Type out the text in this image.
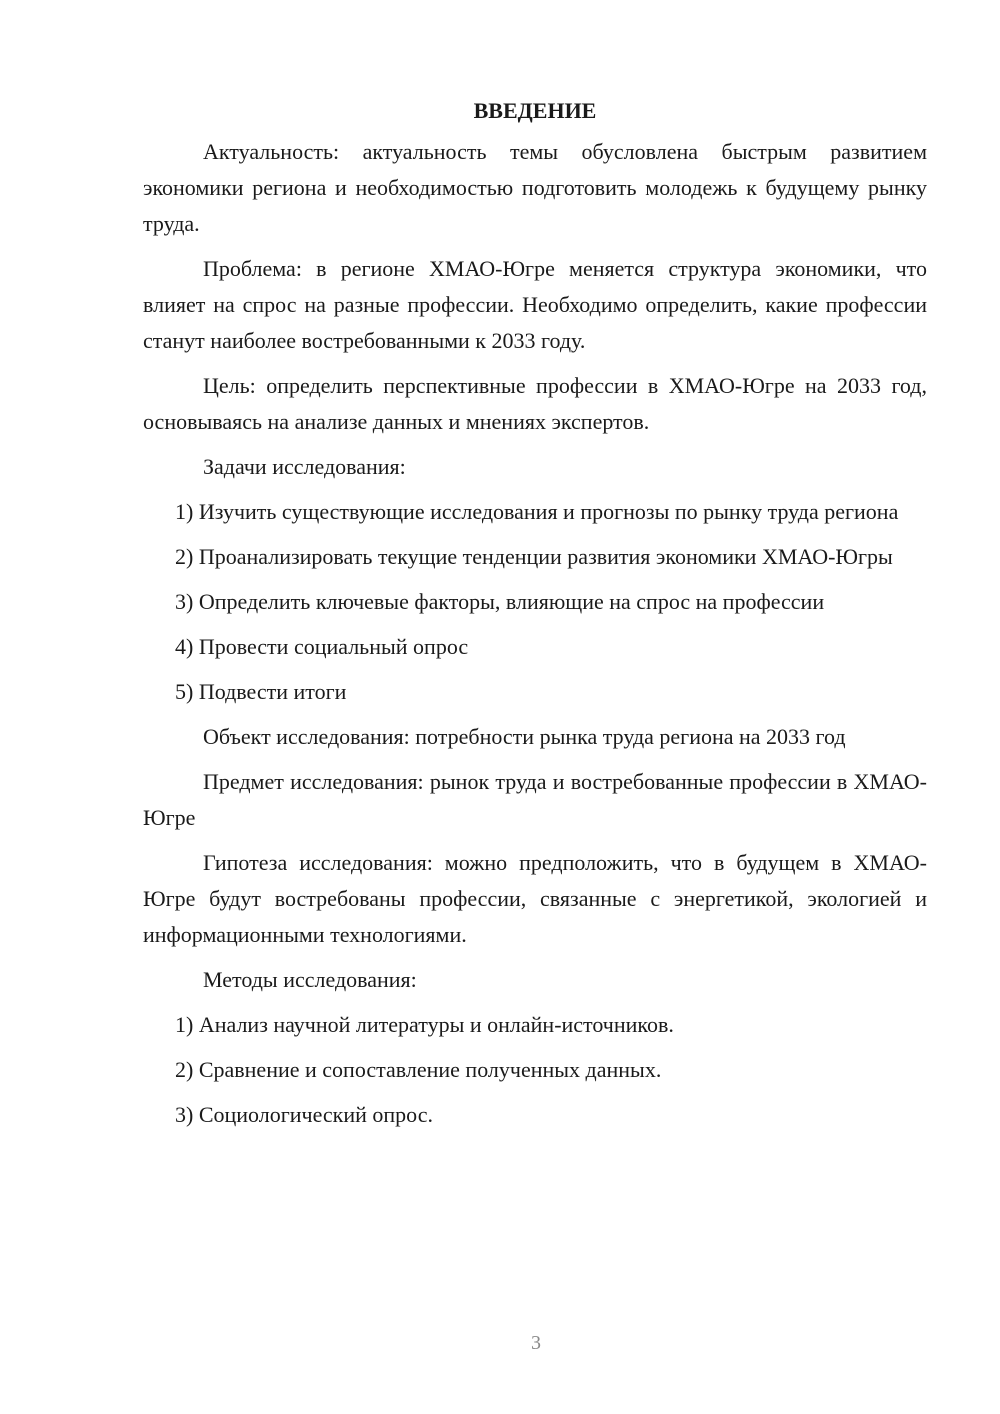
ВВЕДЕНИЕ

Актуальность: актуальность темы обусловлена быстрым развитием экономики региона и необходимостью подготовить молодежь к будущему рынку труда.

Проблема: в регионе ХМАО-Югре меняется структура экономики, что влияет на спрос на разные профессии. Необходимо определить, какие профессии станут наиболее востребованными к 2033 году.

Цель: определить перспективные профессии в ХМАО-Югре на 2033 год, основываясь на анализе данных и мнениях экспертов.

Задачи исследования:

1) Изучить существующие исследования и прогнозы по рынку труда региона

2) Проанализировать текущие тенденции развития экономики ХМАО-Югры

3) Определить ключевые факторы, влияющие на спрос на профессии

4) Провести социальный опрос

5) Подвести итоги

Объект исследования: потребности рынка труда региона на 2033 год

Предмет исследования: рынок труда и востребованные профессии в ХМАО-Югре

Гипотеза исследования: можно предположить, что в будущем в ХМАО-Югре будут востребованы профессии, связанные с энергетикой, экологией и информационными технологиями.

Методы исследования:

1) Анализ научной литературы и онлайн-источников.

2) Сравнение и сопоставление полученных данных.

3) Социологический опрос.

3
